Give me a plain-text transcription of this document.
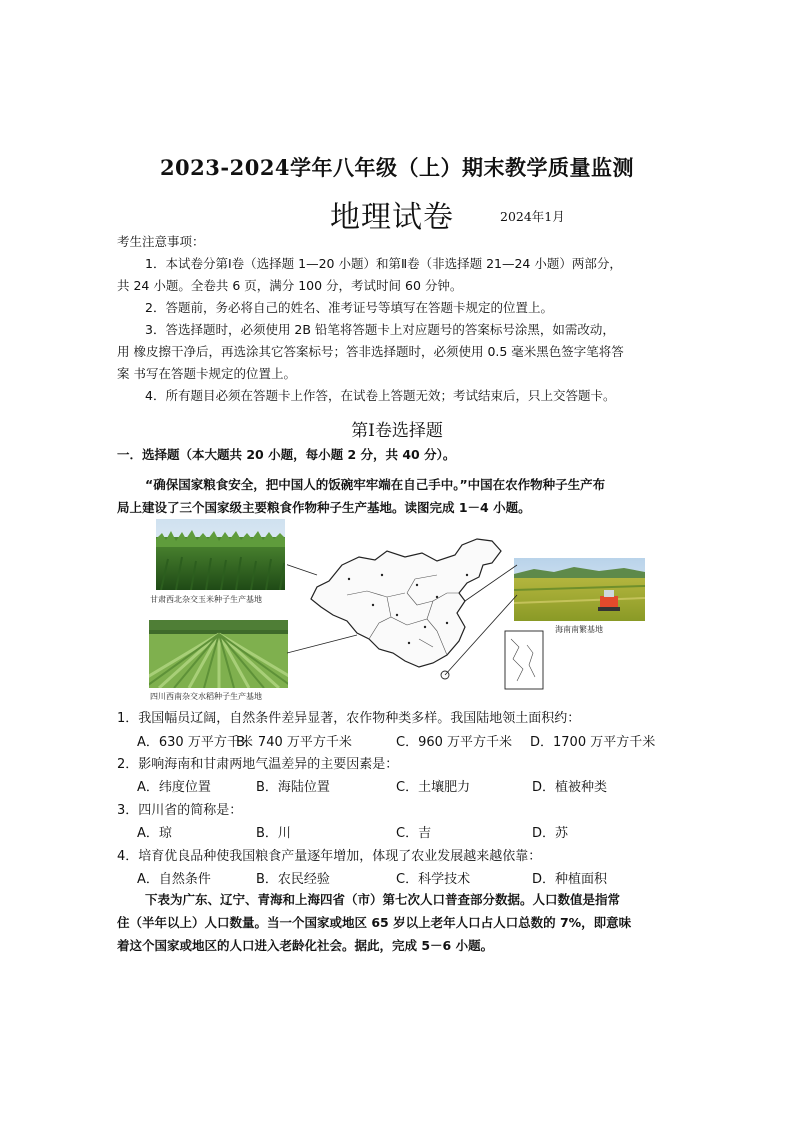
2023-2024学年八年级（上）期末教学质量监测
地理试卷	2024年1月
考生注意事项：
1．本试卷分第Ⅰ卷（选择题 1—20 小题）和第Ⅱ卷（非选择题 21—24 小题）两部分，
共 24 小题。全卷共 6 页，满分 100 分，考试时间 60 分钟。
2．答题前，务必将自己的姓名、准考证号等填写在答题卡规定的位置上。
3．答选择题时，必须使用 2B 铅笔将答题卡上对应题号的答案标号涂黑，如需改动，
用 橡皮擦干净后，再选涂其它答案标号；答非选择题时，必须使用 0.5 毫米黑色签字笔将答
案 书写在答题卡规定的位置上。
4．所有题目必须在答题卡上作答，在试卷上答题无效；考试结束后，只上交答题卡。
第Ⅰ卷选择题
一．选择题（本大题共 20 小题，每小题 2 分，共 40 分）。
“确保国家粮食安全，把中国人的饭碗牢牢端在自己手中。”中国在农作物种子生产布
局上建设了三个国家级主要粮食作物种子生产基地。读图完成 1－4 小题。
甘肃西北杂交玉米种子生产基地
四川西南杂交水稻种子生产基地
海南南繁基地
1．我国幅员辽阔，自然条件差异显著，农作物种类多样。我国陆地领土面积约：
A．630 万平方千米
B．740 万平方千米	C．960 万平方千米 D．1700 万平方千米
2．影响海南和甘肃两地气温差异的主要因素是：
A．纬度位置	B．海陆位置	C．土壤肥力	D．植被种类
3．四川省的简称是：
A．琼	B．川	C．吉	D．苏
4．培育优良品种使我国粮食产量逐年增加，体现了农业发展越来越依靠：
A．自然条件	B．农民经验	C．科学技术	D．种植面积
下表为广东、辽宁、青海和上海四省（市）第七次人口普查部分数据。人口数值是指常
住（半年以上）人口数量。当一个国家或地区 65 岁以上老年人口占人口总数的 7%，即意味
着这个国家或地区的人口进入老龄化社会。据此，完成 5－6 小题。
